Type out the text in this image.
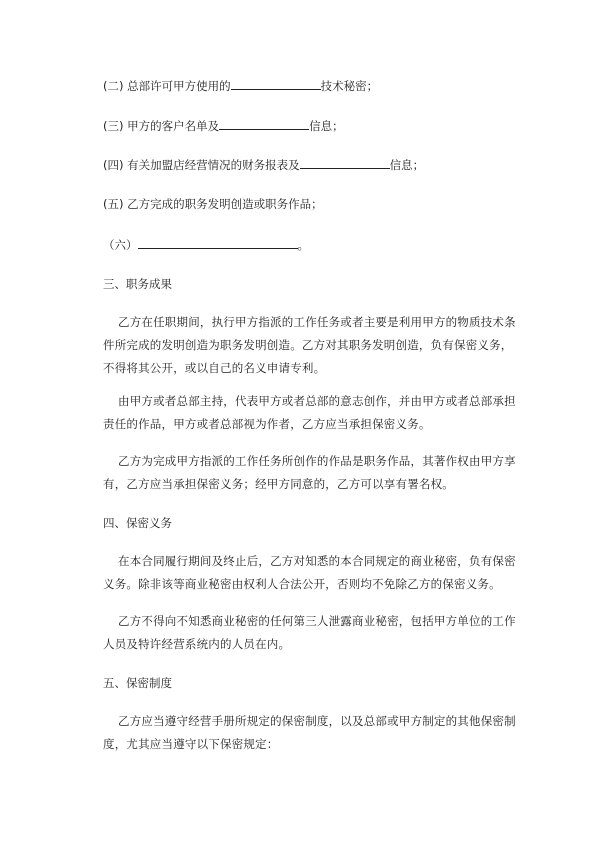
(二) 总部许可甲方使用的	技术秘密；
(三) 甲方的客户名单及	信息；
(四) 有关加盟店经营情况的财务报表及	信息；
(五) 乙方完成的职务发明创造或职务作品；
（六）	。
三、职务成果
乙方在任职期间，执行甲方指派的工作任务或者主要是利用甲方的物质技术条件所完成的发明创造为职务发明创造。乙方对其职务发明创造，负有保密义务，不得将其公开，或以自己的名义申请专利。
由甲方或者总部主持，代表甲方或者总部的意志创作，并由甲方或者总部承担责任的作品，甲方或者总部视为作者，乙方应当承担保密义务。
乙方为完成甲方指派的工作任务所创作的作品是职务作品，其著作权由甲方享有，乙方应当承担保密义务；经甲方同意的，乙方可以享有署名权。
四、保密义务
在本合同履行期间及终止后，乙方对知悉的本合同规定的商业秘密，负有保密义务。除非该等商业秘密由权利人合法公开，否则均不免除乙方的保密义务。
乙方不得向不知悉商业秘密的任何第三人泄露商业秘密，包括甲方单位的工作人员及特许经营系统内的人员在内。
五、保密制度
乙方应当遵守经营手册所规定的保密制度，以及总部或甲方制定的其他保密制度，尤其应当遵守以下保密规定：
